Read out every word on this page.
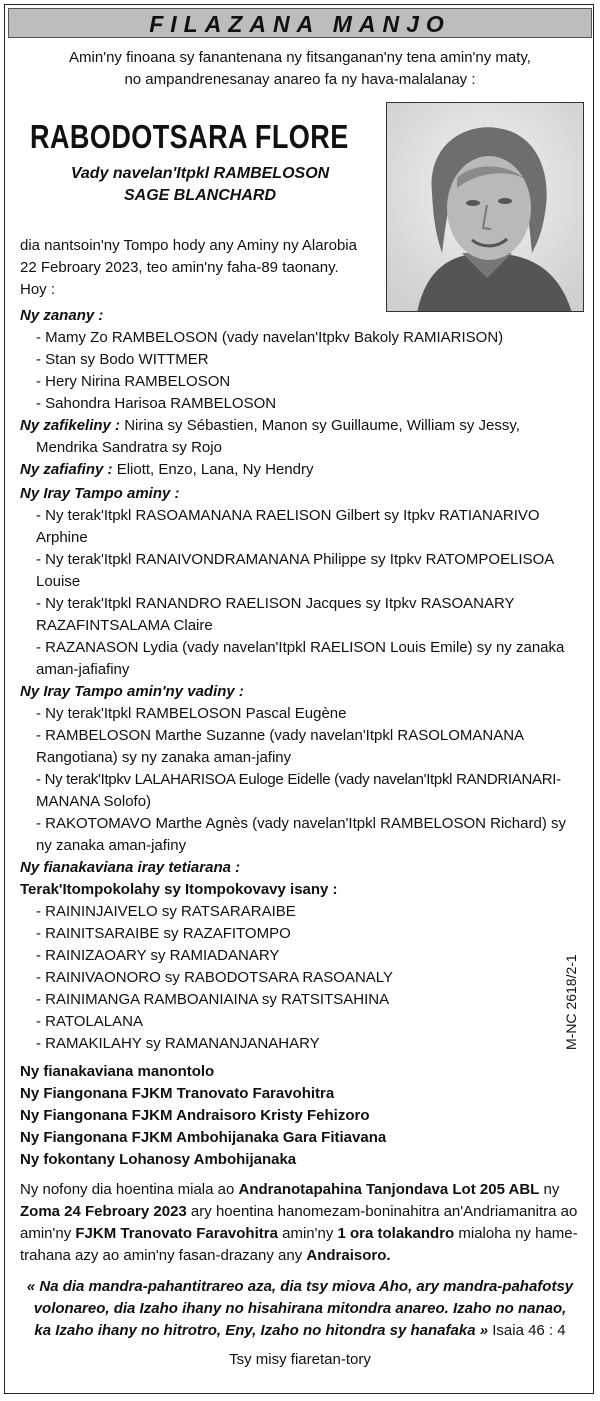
FILAZANA MANJO
Amin'ny finoana sy fanantenana ny fitsanganan'ny tena amin'ny maty,
no ampandrenesanay anareo fa ny hava-malalanay :
RABODOTSARA FLORE
Vady navelan'Itpkl RAMBELOSON
SAGE BLANCHARD
dia nantsoin'ny Tompo hody any Aminy ny Alarobia
22 Febroary 2023, teo amin'ny faha-89 taonany.
Hoy :
Ny zanany :
- Mamy Zo RAMBELOSON (vady navelan'Itpkv Bakoly RAMIARISON)
- Stan sy Bodo WITTMER
- Hery Nirina RAMBELOSON
- Sahondra Harisoa RAMBELOSON
Ny zafikeliny : Nirina sy Sébastien, Manon sy Guillaume, William sy Jessy,
Mendrika Sandratra sy Rojo
Ny zafiafiny : Eliott, Enzo, Lana, Ny Hendry
Ny Iray Tampo aminy :
- Ny terak'Itpkl RASOAMANANA RAELISON Gilbert sy Itpkv RATIANARIVO
Arphine
- Ny terak'Itpkl RANAIVONDRAMANANA Philippe sy Itpkv RATOMPOELISOA
Louise
- Ny terak'Itpkl RANANDRO RAELISON Jacques sy Itpkv RASOANARY
RAZAFINTSALAMA Claire
- RAZANASON Lydia (vady navelan'Itpkl RAELISON Louis Emile) sy ny zanaka
aman-jafiafiny
Ny Iray Tampo amin'ny vadiny :
- Ny terak'Itpkl RAMBELOSON Pascal Eugène
- RAMBELOSON Marthe Suzanne (vady navelan'Itpkl RASOLOMANANA
Rangotiana) sy ny zanaka aman-jafiny
- Ny terak'Itpkv LALAHARISOA Euloge Eidelle (vady navelan'Itpkl RANDRIANARI-
MANANA Solofo)
- RAKOTOMAVO Marthe Agnès (vady navelan'Itpkl RAMBELOSON Richard) sy
ny zanaka aman-jafiny
Ny fianakaviana iray tetiarana :
Terak'Itompokolahy sy Itompokovavy isany :
- RAININJAIVELO sy RATSARARAIBE
- RAINITSARAIBE sy RAZAFITOMPO
- RAINIZAOARY sy RAMIADANARY
- RAINIVAONORO sy RABODOTSARA RASOANALY
- RAINIMANGA RAMBOANIAINA sy RATSITSAHINA
- RATOLALANA
- RAMAKILAHY sy RAMANANJANAHARY	M-NC 2618/2-1
Ny fianakaviana manontolo
Ny Fiangonana FJKM Tranovato Faravohitra
Ny Fiangonana FJKM Andraisoro Kristy Fehizoro
Ny Fiangonana FJKM Ambohijanaka Gara Fitiavana
Ny fokontany Lohanosy Ambohijanaka
Ny nofony dia hoentina miala ao Andranotapahina Tanjondava Lot 205 ABL ny
Zoma 24 Febroary 2023 ary hoentina hanomezam-boninahitra an'Andriamanitra ao
amin'ny FJKM Tranovato Faravohitra amin'ny 1 ora tolakandro mialoha ny hame-
trahana azy ao amin'ny fasan-drazany any Andraisoro.
« Na dia mandra-pahantitrareo aza, dia tsy miova Aho, ary mandra-pahafotsy
volonareo, dia Izaho ihany no hisahirana mitondra anareo. Izaho no nanao,
ka Izaho ihany no hitrotro, Eny, Izaho no hitondra sy hanafaka » Isaia 46 : 4
Tsy misy fiaretan-tory
